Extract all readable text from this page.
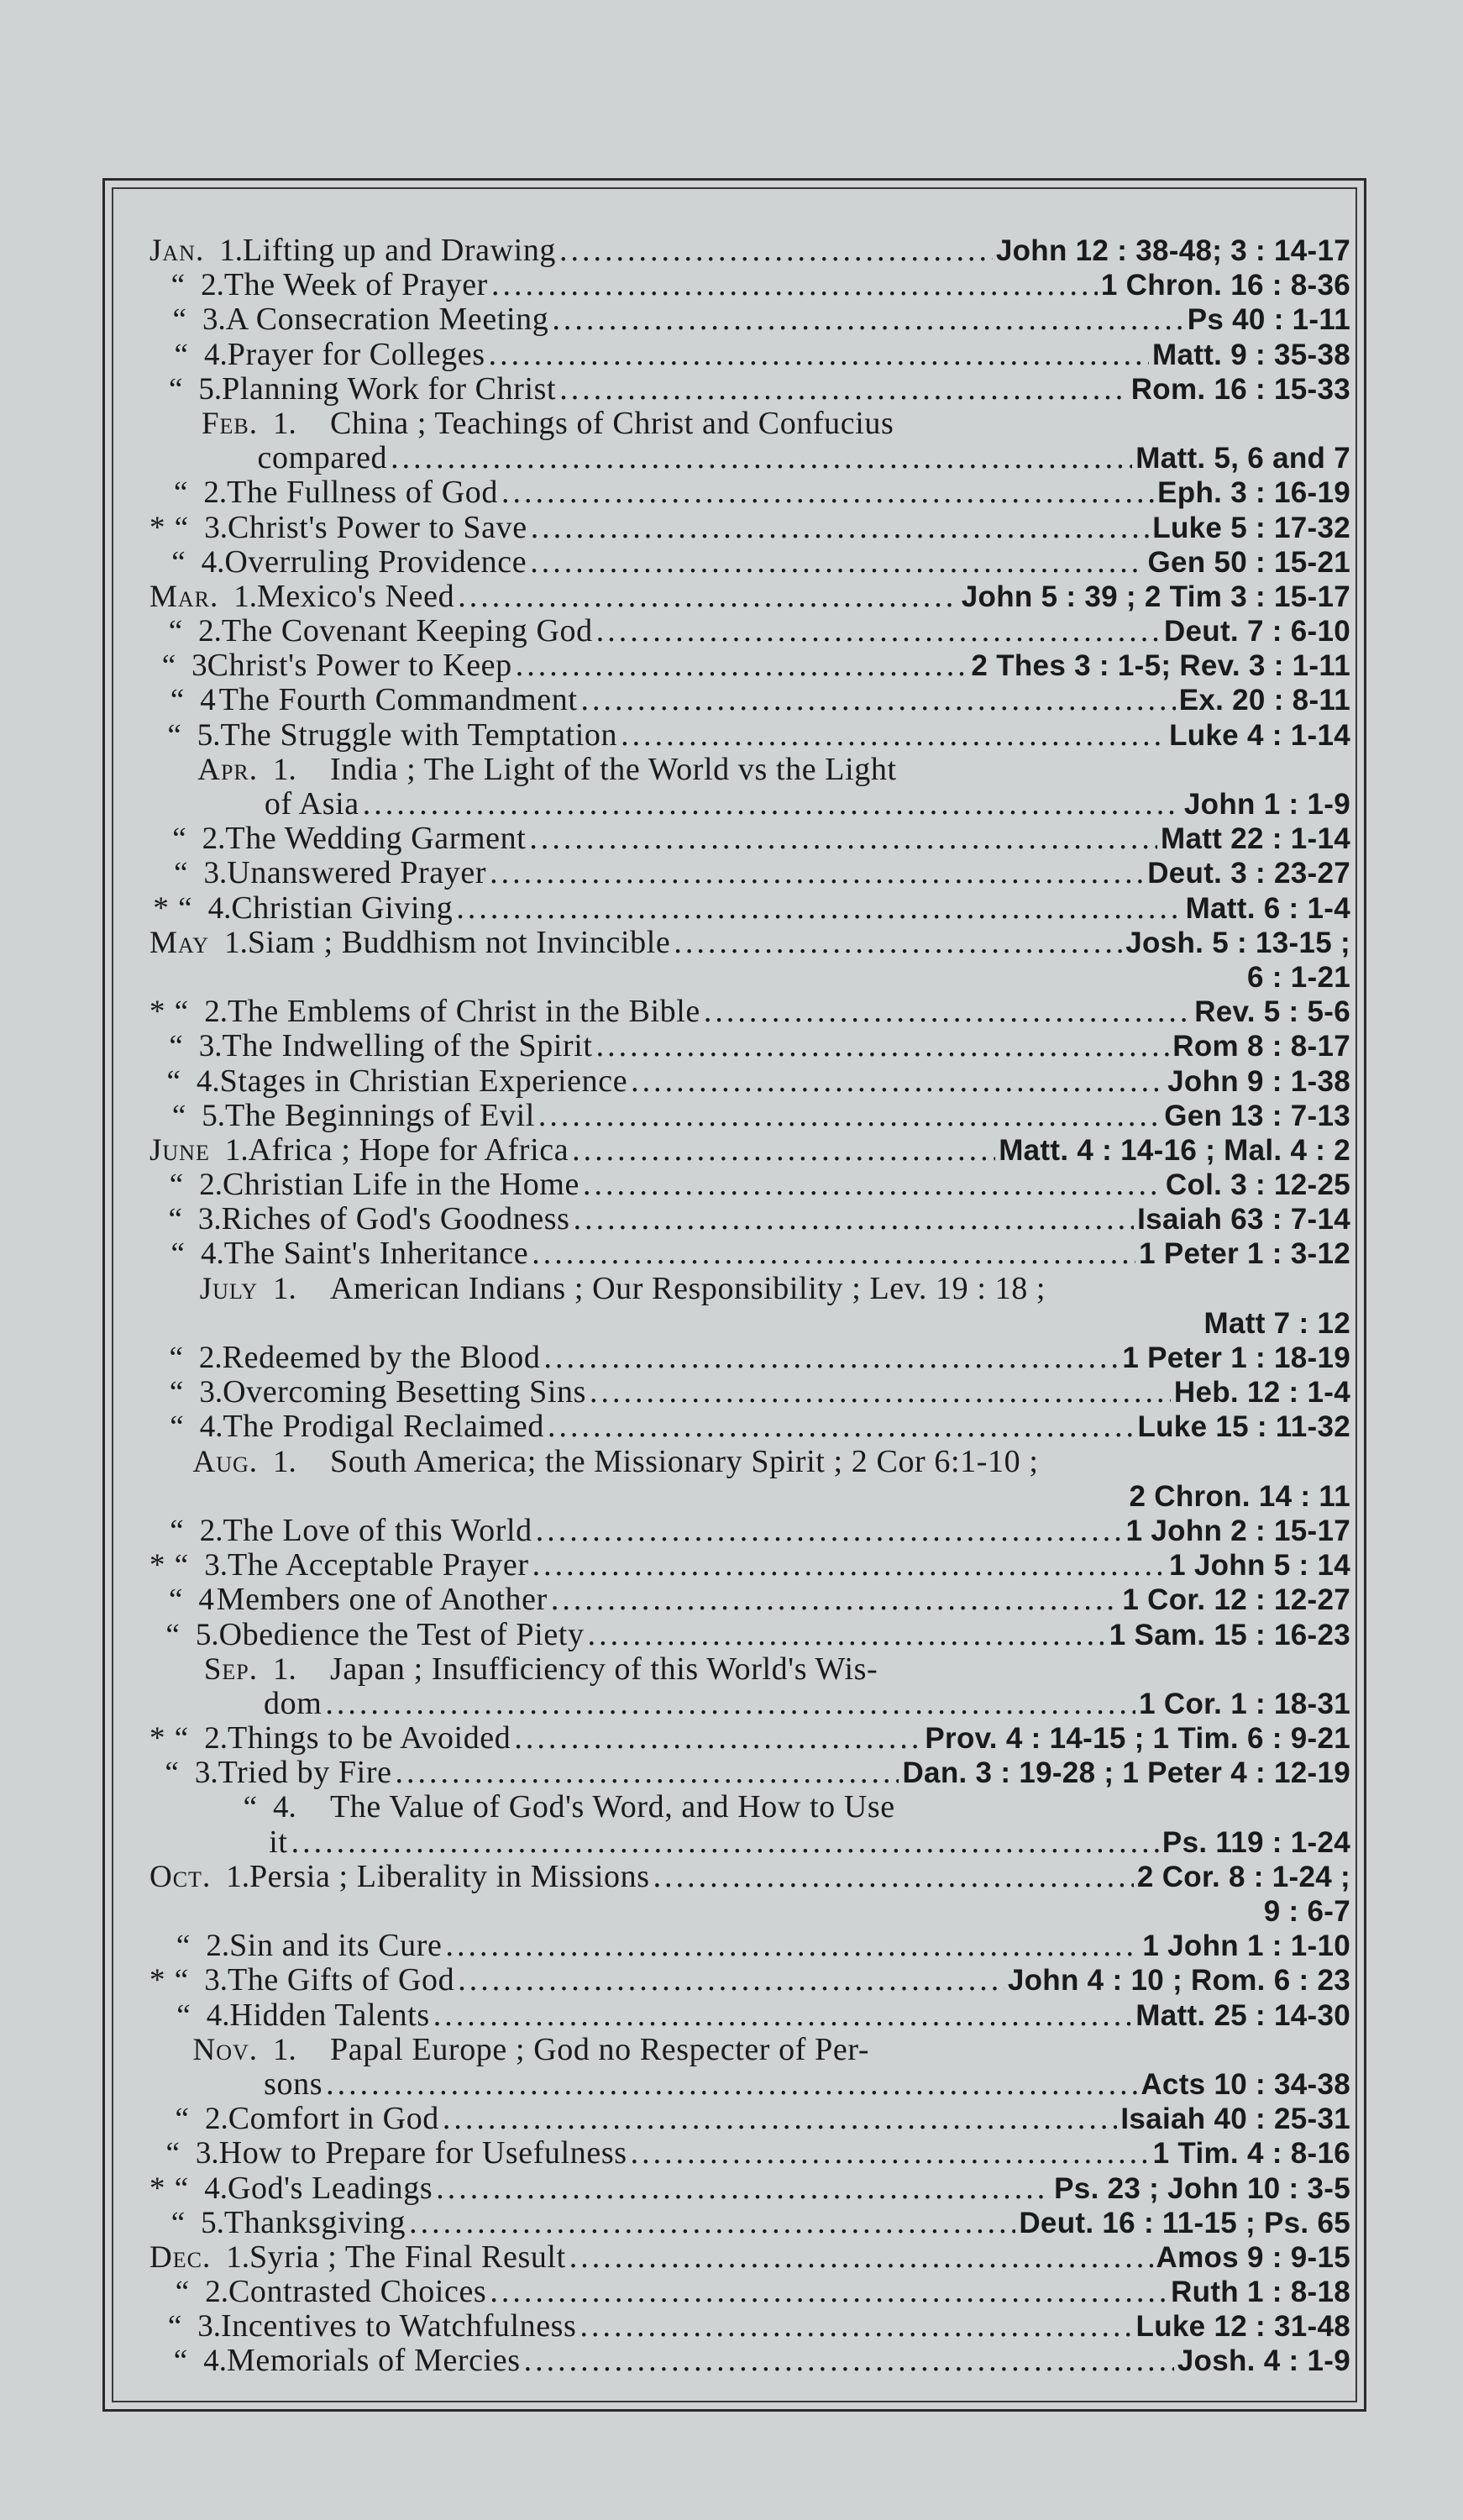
Jan. 1. Lifting up and Drawing .....	John 12 : 38-48; 3 : 14-17
“ 2. The Week of Prayer .....	1 Chron. 16 : 8-36
“ 3. A Consecration Meeting .....	Ps 40 : 1-11
“ 4. Prayer for Colleges .....	Matt. 9 : 35-38
“ 5. Planning Work for Christ .....	Rom. 16 : 15-33
Feb. 1.	China ; Teachings of Christ and Confucius
compared .....	Matt. 5, 6 and 7
“ 2. The Fullness of God .....	Eph. 3 : 16-19
* “ 3. Christ's Power to Save .....	Luke 5 : 17-32
“ 4. Overruling Providence .....	Gen 50 : 15-21
Mar. 1. Mexico's Need .....	John 5 : 39 ; 2 Tim 3 : 15-17
“ 2. The Covenant Keeping God .....	Deut. 7 : 6-10
“ 3 Christ's Power to Keep .....	2 Thes 3 : 1-5; Rev. 3 : 1-11
“ 4 The Fourth Commandment .....	Ex. 20 : 8-11
“ 5. The Struggle with Temptation .....	Luke 4 : 1-14
Apr. 1.	India ; The Light of the World vs the Light
of Asia .....	John 1 : 1-9
“ 2. The Wedding Garment .....	Matt 22 : 1-14
“ 3. Unanswered Prayer .....	Deut. 3 : 23-27
* “ 4. Christian Giving .....	Matt. 6 : 1-4
May 1. Siam ; Buddhism not Invincible .....	Josh. 5 : 13-15 ;
6 : 1-21
* “ 2. The Emblems of Christ in the Bible .....	Rev. 5 : 5-6
“ 3. The Indwelling of the Spirit .....	Rom 8 : 8-17
“ 4. Stages in Christian Experience .....	John 9 : 1-38
“ 5. The Beginnings of Evil .....	Gen 13 : 7-13
June 1. Africa ; Hope for Africa .....	Matt. 4 : 14-16 ; Mal. 4 : 2
“ 2. Christian Life in the Home .....	Col. 3 : 12-25
“ 3. Riches of God's Goodness .....	Isaiah 63 : 7-14
“ 4. The Saint's Inheritance .....	1 Peter 1 : 3-12
July 1.	American Indians ; Our Responsibility ; Lev. 19 : 18 ;
Matt 7 : 12
“ 2. Redeemed by the Blood .....	1 Peter 1 : 18-19
“ 3. Overcoming Besetting Sins .....	Heb. 12 : 1-4
“ 4. The Prodigal Reclaimed .....	Luke 15 : 11-32
Aug. 1.	South America; the Missionary Spirit ; 2 Cor 6:1-10 ;
2 Chron. 14 : 11
“ 2. The Love of this World .....	1 John 2 : 15-17
* “ 3. The Acceptable Prayer .....	1 John 5 : 14
“ 4 Members one of Another .....	1 Cor. 12 : 12-27
“ 5. Obedience the Test of Piety .....	1 Sam. 15 : 16-23
Sep. 1.	Japan ; Insufficiency of this World's Wis-
dom .....	1 Cor. 1 : 18-31
* “ 2. Things to be Avoided .....	Prov. 4 : 14-15 ; 1 Tim. 6 : 9-21
“ 3. Tried by Fire .....	Dan. 3 : 19-28 ; 1 Peter 4 : 12-19
“ 4.	The Value of God's Word, and How to Use
it .....	Ps. 119 : 1-24
Oct. 1. Persia ; Liberality in Missions .....	2 Cor. 8 : 1-24 ;
9 : 6-7
“ 2. Sin and its Cure .....	1 John 1 : 1-10
* “ 3. The Gifts of God .....	John 4 : 10 ; Rom. 6 : 23
“ 4. Hidden Talents .....	Matt. 25 : 14-30
Nov. 1.	Papal Europe ; God no Respecter of Per-
sons .....	Acts 10 : 34-38
“ 2. Comfort in God .....	Isaiah 40 : 25-31
“ 3. How to Prepare for Usefulness .....	1 Tim. 4 : 8-16
* “ 4. God's Leadings .....	Ps. 23 ; John 10 : 3-5
“ 5. Thanksgiving .....	Deut. 16 : 11-15 ; Ps. 65
Dec. 1. Syria ; The Final Result .....	Amos 9 : 9-15
“ 2. Contrasted Choices .....	Ruth 1 : 8-18
“ 3. Incentives to Watchfulness .....	Luke 12 : 31-48
“ 4. Memorials of Mercies .....	Josh. 4 : 1-9
